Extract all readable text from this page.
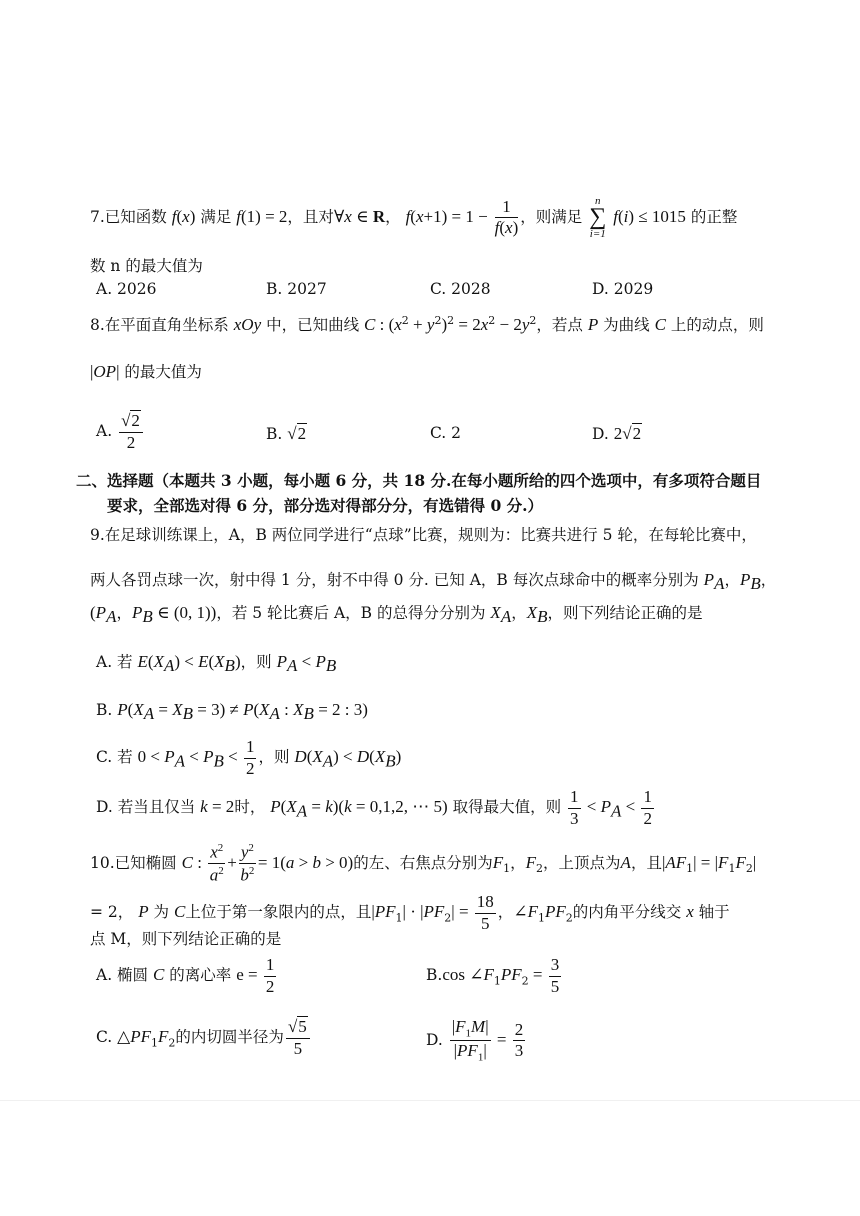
7.已知函数 f(x) 满足 f(1) = 2，且对∀x ∈ R， $f(x+1) = 1 - \frac{1}{f(x)}$ ，则满足
n
∑
i=1
f(i) ≤ 1015 的正整
数 n 的最大值为
A. 2026	B. 2027	C. 2028	D. 2029
8.在平面直角坐标系 xOy 中，已知曲线 C : $(x^2 + y^2)^2 = 2x^2 - 2y^2$，若点 P 为曲线 C 上的动点，则
|OP| 的最大值为
A. $\frac{√2}{2}$	B. √2	C. 2	D. 2√2
二、选择题（本题共 3 小题，每小题 6 分，共 18 分.在每小题所给的四个选项中，有多项符合题目
要求，全部选对得 6 分，部分选对得部分分，有选错得 0 分.）
9.在足球训练课上，A，B 两位同学进行“点球”比赛，规则为：比赛共进行 5 轮，在每轮比赛中，
两人各罚点球一次，射中得 1 分，射不中得 0 分. 已知 A，B 每次点球命中的概率分别为 $P_A$，$P_B$，
($P_A$，$P_B$ ∈ (0, 1))，若 5 轮比赛后 A，B 的总得分分别为 $X_A$，$X_B$，则下列结论正确的是
A. 若 $E(X_A) < E(X_B)$，则 $P_A < P_B$
B. $P(X_A = X_B = 3) \ne P(X_A$ : $X_B = 2$ : 3)
C. 若 $0 < P_A < P_B < \frac{1}{2}$ ，则 $D(X_A) < D(X_B)$
D. 若当且仅当 k = 2时， $P(X_A = k)(k = 0,1,2$, ⋯ 5) 取得最大值，则 $\frac{1}{3} < P_A < \frac{1}{2}$
10.已知椭圆 C : $\frac{x^2}{a^2} + \frac{y^2}{b^2} = 1(a > b > 0)$的左、右焦点分别为$F_1$，$F_2$，上顶点为A，且$|AF_1| = |F_1F_2|$
= 2， P 为 C上位于第一象限内的点，且$|PF_1| \cdot |PF_2| = \frac{18}{5}$ ，$\angle F_1PF_2$的内角平分线交 x 轴于
点 M，则下列结论正确的是
A. 椭圆 C 的离心率 $e = \frac{1}{2}$	B.cos $\angle F_1PF_2 = \frac{3}{5}$
C. $\triangle PF_1F_2$的内切圆半径为 $\frac{√5}{5}$	D. $\frac{|F_1M|}{|PF_1|} = \frac{2}{3}$
